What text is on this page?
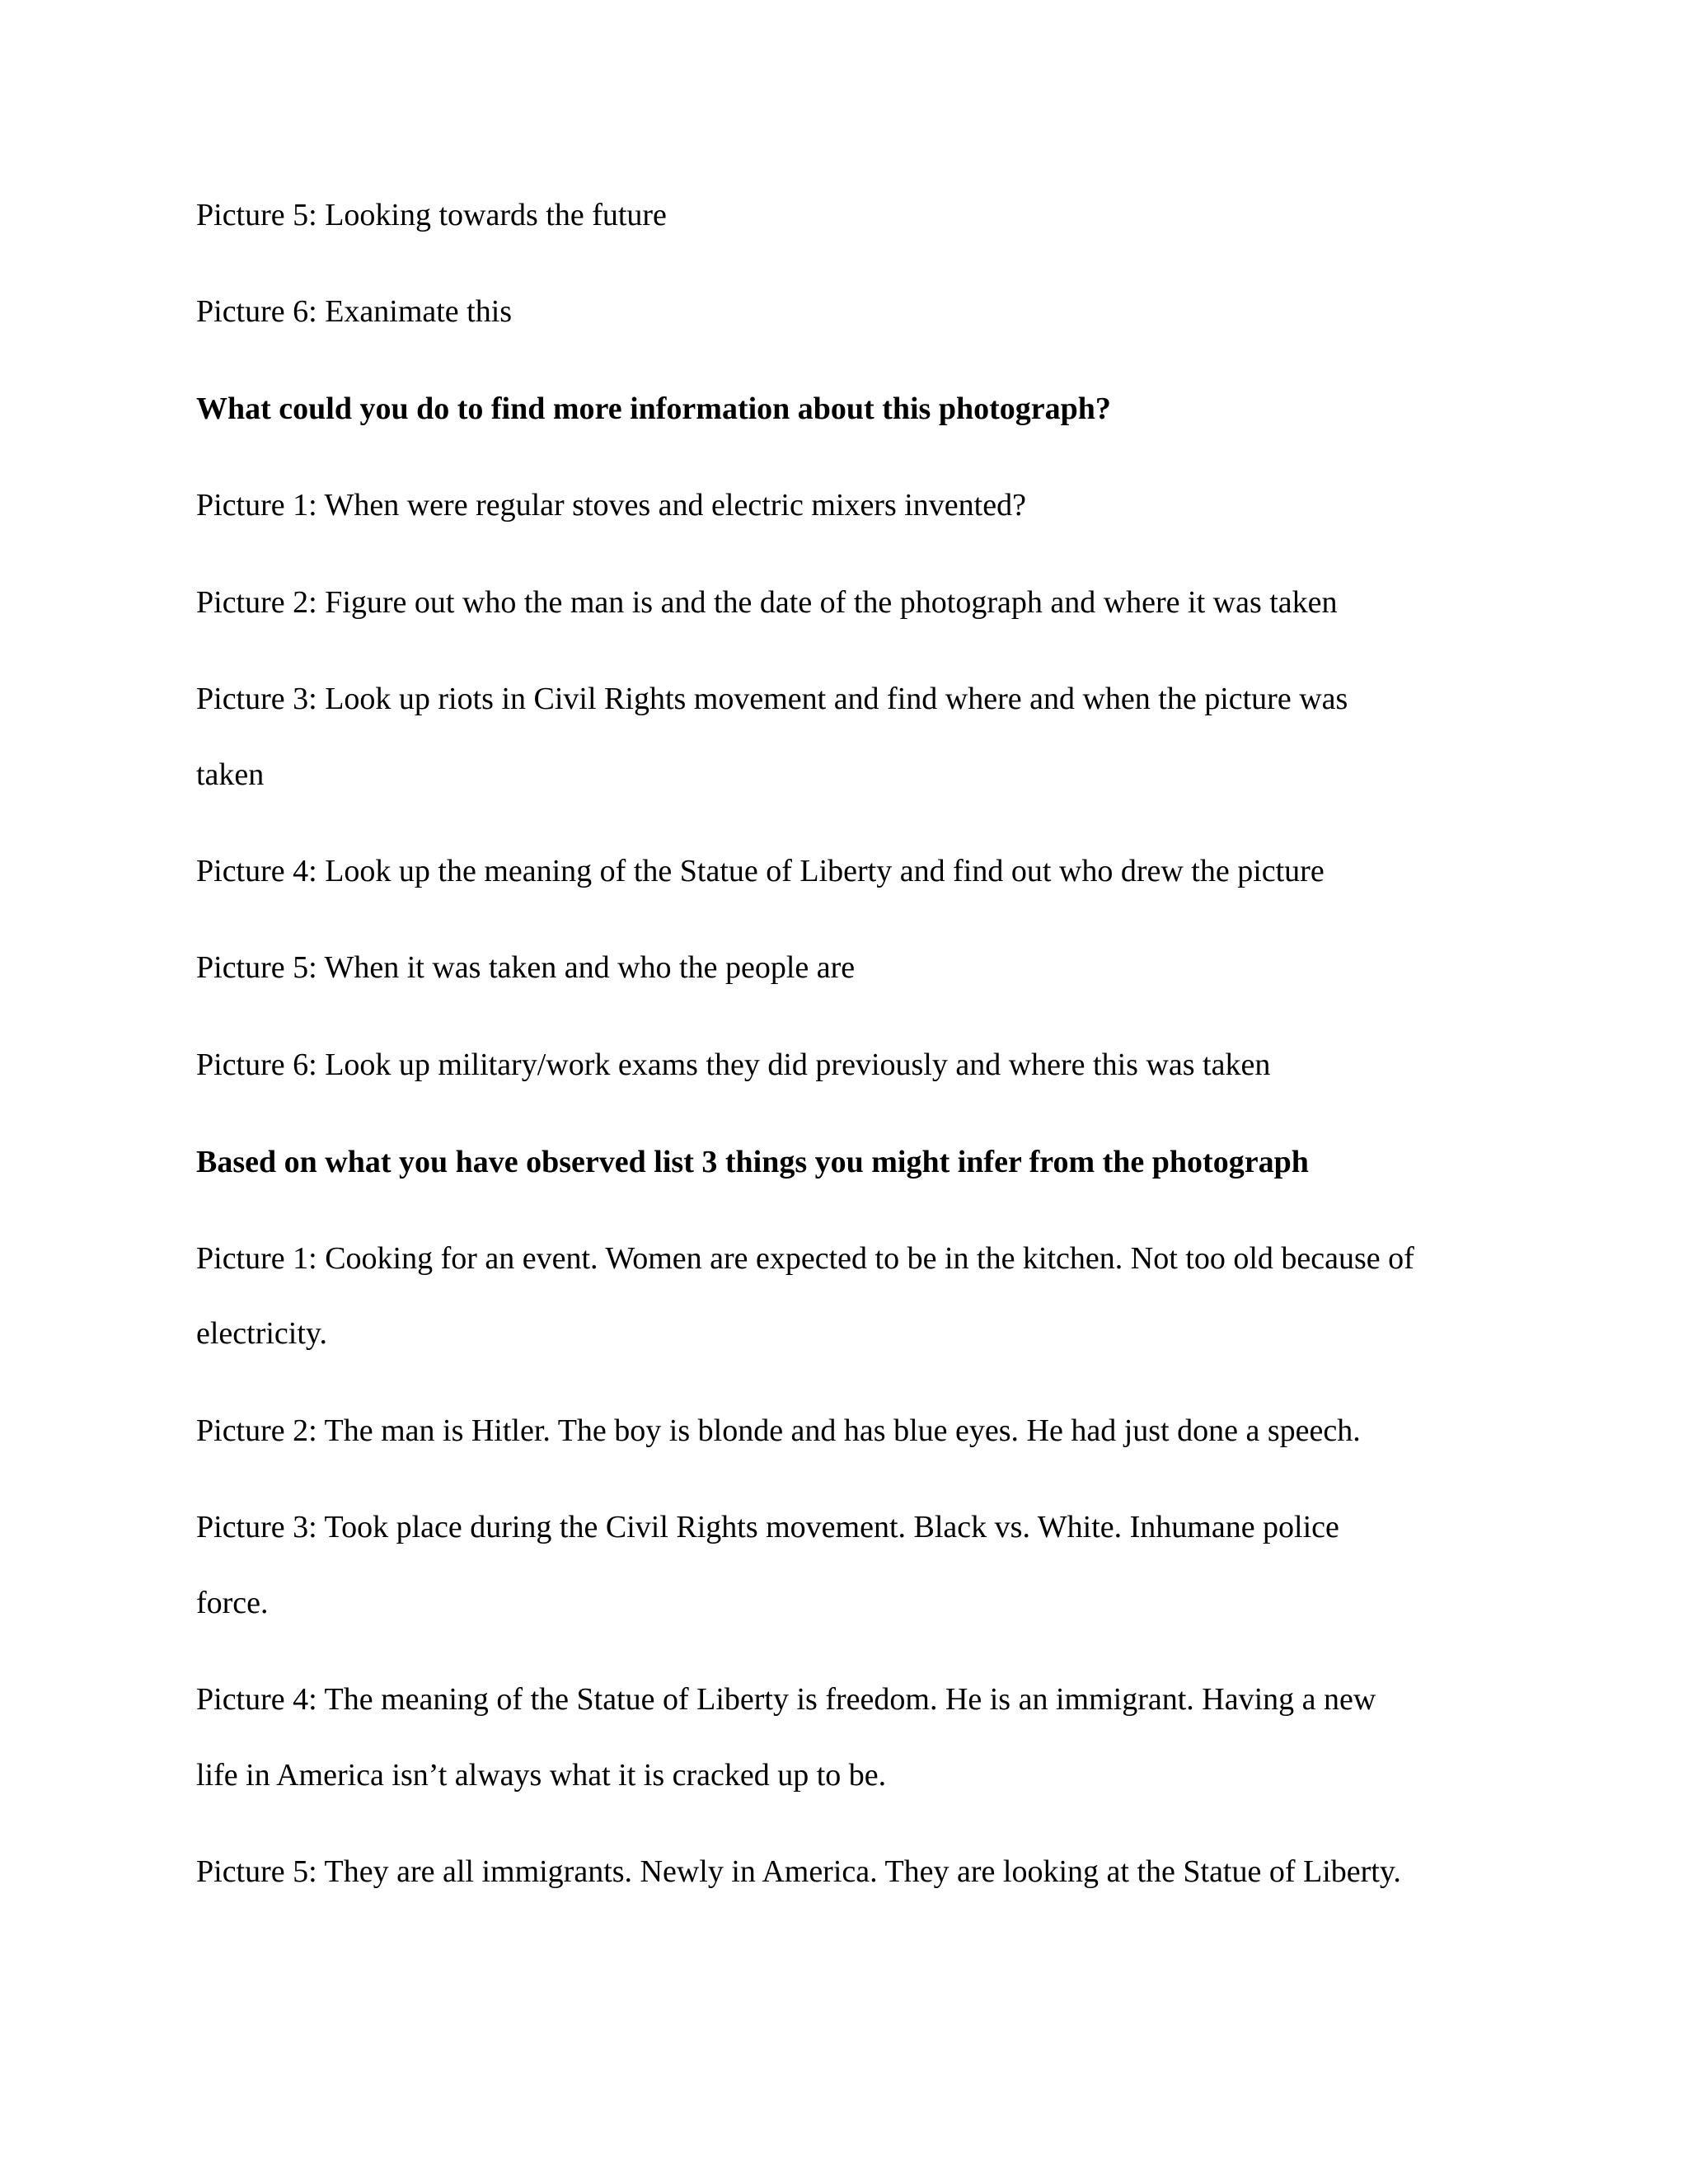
Picture 5: Looking towards the future
Picture 6: Exanimate this
What could you do to find more information about this photograph?
Picture 1: When were regular stoves and electric mixers invented?
Picture 2: Figure out who the man is and the date of the photograph and where it was taken
Picture 3: Look up riots in Civil Rights movement and find where and when the picture was
taken
Picture 4: Look up the meaning of the Statue of Liberty and find out who drew the picture
Picture 5: When it was taken and who the people are
Picture 6: Look up military/work exams they did previously and where this was taken
Based on what you have observed list 3 things you might infer from the photograph
Picture 1: Cooking for an event. Women are expected to be in the kitchen. Not too old because of
electricity.
Picture 2: The man is Hitler. The boy is blonde and has blue eyes. He had just done a speech.
Picture 3: Took place during the Civil Rights movement. Black vs. White. Inhumane police
force.
Picture 4: The meaning of the Statue of Liberty is freedom. He is an immigrant. Having a new
life in America isn’t always what it is cracked up to be.
Picture 5: They are all immigrants. Newly in America. They are looking at the Statue of Liberty.
